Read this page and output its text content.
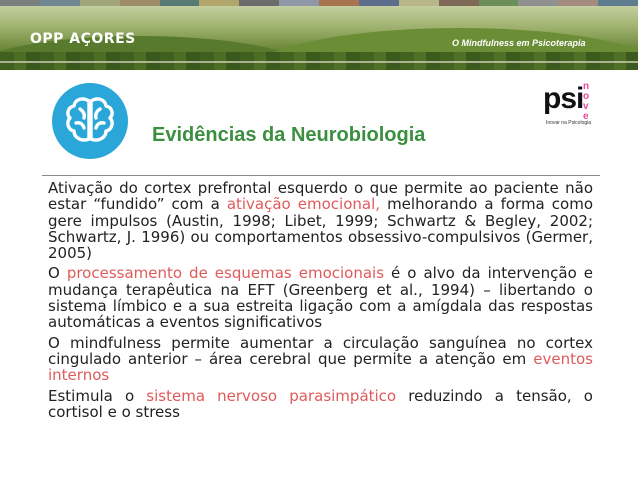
OPP AÇORES	O Mindfulness em Psicoterapia

psi n
o
v
e
Inovar na Psicologia
Evidências da Neurobiologia

Ativação do cortex prefrontal esquerdo o que permite ao paciente não estar “fundido” com a ativação emocional, melhorando a forma como gere impulsos (Austin, 1998; Libet, 1999; Schwartz & Begley, 2002; Schwartz, J. 1996) ou comportamentos obsessivo-compulsivos (Germer, 2005)

O processamento de esquemas emocionais é o alvo da intervenção e mudança terapêutica na EFT (Greenberg et al., 1994) – libertando o sistema límbico e a sua estreita ligação com a amígdala das respostas automáticas a eventos significativos

O mindfulness permite aumentar a circulação sanguínea no cortex cingulado anterior – área cerebral que permite a atenção em eventos internos

Estimula o sistema nervoso parasimpático reduzindo a tensão, o cortisol e o stress
